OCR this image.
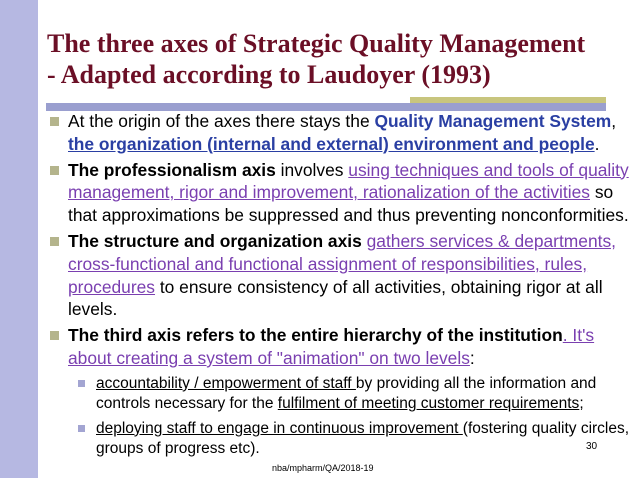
The three axes of Strategic Quality Management
- Adapted according to Laudoyer (1993)
At the origin of the axes there stays the Quality Management System, the organization (internal and external) environment and people.
The professionalism axis involves using techniques and tools of quality management, rigor and improvement, rationalization of the activities so that approximations be suppressed and thus preventing nonconformities.
The structure and organization axis gathers services & departments, cross-functional and functional assignment of responsibilities, rules, procedures to ensure consistency of all activities, obtaining rigor at all levels.
The third axis refers to the entire hierarchy of the institution. It's about creating a system of "animation" on two levels:
accountability / empowerment of staff by providing all the information and controls necessary for the fulfilment of meeting customer requirements;
deploying staff to engage in continuous improvement (fostering quality circles, groups of progress etc).	30
nba/mpharm/QA/2018-19
